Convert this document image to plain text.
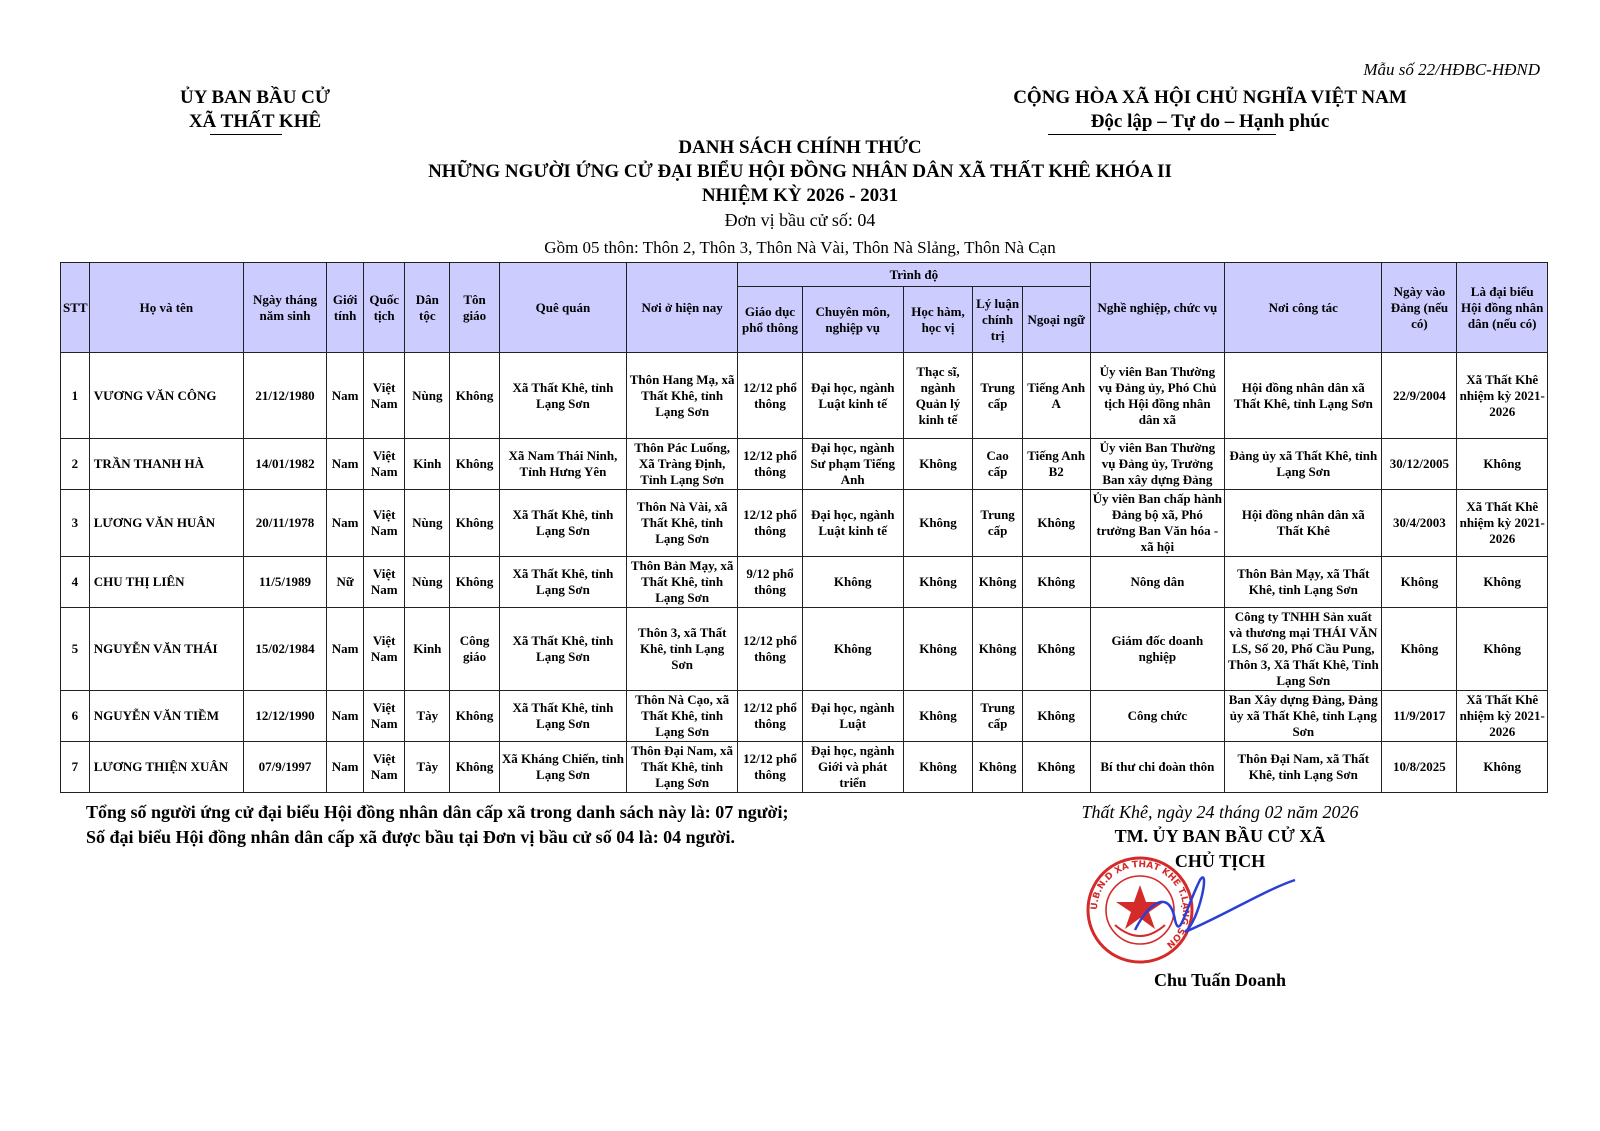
Mẫu số 22/HĐBC-HĐND
ỦY BAN BẦU CỬ
XÃ THẤT KHÊ
CỘNG HÒA XÃ HỘI CHỦ NGHĨA VIỆT NAM
Độc lập – Tự do – Hạnh phúc
DANH SÁCH CHÍNH THỨC
NHỮNG NGƯỜI ỨNG CỬ ĐẠI BIỂU HỘI ĐỒNG NHÂN DÂN XÃ THẤT KHÊ KHÓA II
NHIỆM KỲ 2026 - 2031
Đơn vị bầu cử số: 04
Gồm 05 thôn: Thôn 2, Thôn 3, Thôn Nà Vài, Thôn Nà Slảng, Thôn Nà Cạn
STT	Họ và tên	Ngày tháng năm sinh	Giới tính	Quốc tịch	Dân tộc	Tôn giáo	Quê quán	Nơi ở hiện nay	Trình độ					Nghề nghiệp, chức vụ	Nơi công tác	Ngày vào Đảng (nếu có)	Là đại biểu Hội đồng nhân dân (nếu có)
									Giáo dục phổ thông	Chuyên môn, nghiệp vụ	Học hàm, học vị	Lý luận chính trị	Ngoại ngữ				
1	VƯƠNG VĂN CÔNG	21/12/1980	Nam	Việt Nam	Nùng	Không	Xã Thất Khê, tỉnh Lạng Sơn	Thôn Hang Mạ, xã Thất Khê, tỉnh Lạng Sơn	12/12 phổ thông	Đại học, ngành Luật kinh tế	Thạc sĩ, ngành Quản lý kinh tế	Trung cấp	Tiếng Anh A	Ủy viên Ban Thường vụ Đảng ủy, Phó Chủ tịch Hội đồng nhân dân xã	Hội đồng nhân dân xã Thất Khê, tỉnh Lạng Sơn	22/9/2004	Xã Thất Khê nhiệm kỳ 2021-2026
2	TRẦN THANH HÀ	14/01/1982	Nam	Việt Nam	Kinh	Không	Xã Nam Thái Ninh, Tỉnh Hưng Yên	Thôn Pác Luống, Xã Tràng Định, Tỉnh Lạng Sơn	12/12 phổ thông	Đại học, ngành Sư phạm Tiếng Anh	Không	Cao cấp	Tiếng Anh B2	Ủy viên Ban Thường vụ Đảng ủy, Trưởng Ban xây dựng Đảng	Đảng ủy xã Thất Khê, tỉnh Lạng Sơn	30/12/2005	Không
3	LƯƠNG VĂN HUÂN	20/11/1978	Nam	Việt Nam	Nùng	Không	Xã Thất Khê, tỉnh Lạng Sơn	Thôn Nà Vài, xã Thất Khê, tỉnh Lạng Sơn	12/12 phổ thông	Đại học, ngành Luật kinh tế	Không	Trung cấp	Không	Ủy viên Ban chấp hành Đảng bộ xã, Phó trưởng Ban Văn hóa - xã hội	Hội đồng nhân dân xã Thất Khê	30/4/2003	Xã Thất Khê nhiệm kỳ 2021-2026
4	CHU THỊ LIÊN	11/5/1989	Nữ	Việt Nam	Nùng	Không	Xã Thất Khê, tỉnh Lạng Sơn	Thôn Bản Mạy, xã Thất Khê, tỉnh Lạng Sơn	9/12 phổ thông	Không	Không	Không	Không	Nông dân	Thôn Bản Mạy, xã Thất Khê, tỉnh Lạng Sơn	Không	Không
5	NGUYỄN VĂN THÁI	15/02/1984	Nam	Việt Nam	Kinh	Công giáo	Xã Thất Khê, tỉnh Lạng Sơn	Thôn 3, xã Thất Khê, tỉnh Lạng Sơn	12/12 phổ thông	Không	Không	Không	Không	Giám đốc doanh nghiệp	Công ty TNHH Sản xuất và thương mại THÁI VĂN LS, Số 20, Phố Cầu Pung, Thôn 3, Xã Thất Khê, Tỉnh Lạng Sơn	Không	Không
6	NGUYỄN VĂN TIỀM	12/12/1990	Nam	Việt Nam	Tày	Không	Xã Thất Khê, tỉnh Lạng Sơn	Thôn Nà Cạo, xã Thất Khê, tỉnh Lạng Sơn	12/12 phổ thông	Đại học, ngành Luật	Không	Trung cấp	Không	Công chức	Ban Xây dựng Đảng, Đảng ủy xã Thất Khê, tỉnh Lạng Sơn	11/9/2017	Xã Thất Khê nhiệm kỳ 2021-2026
7	LƯƠNG THIỆN XUÂN	07/9/1997	Nam	Việt Nam	Tày	Không	Xã Kháng Chiến, tỉnh Lạng Sơn	Thôn Đại Nam, xã Thất Khê, tỉnh Lạng Sơn	12/12 phổ thông	Đại học, ngành Giới và phát triển	Không	Không	Không	Bí thư chi đoàn thôn	Thôn Đại Nam, xã Thất Khê, tỉnh Lạng Sơn	10/8/2025	Không
Tổng số người ứng cử đại biểu Hội đồng nhân dân cấp xã trong danh sách này là: 07 người;
Số đại biểu Hội đồng nhân dân cấp xã được bầu tại Đơn vị bầu cử số 04 là: 04 người.
Thất Khê, ngày 24 tháng 02 năm 2026
TM. ỦY BAN BẦU CỬ XÃ
CHỦ TỊCH
U.B.N.D XÃ THẤT KHÊ T.LẠNG SƠN
Chu Tuấn Doanh
